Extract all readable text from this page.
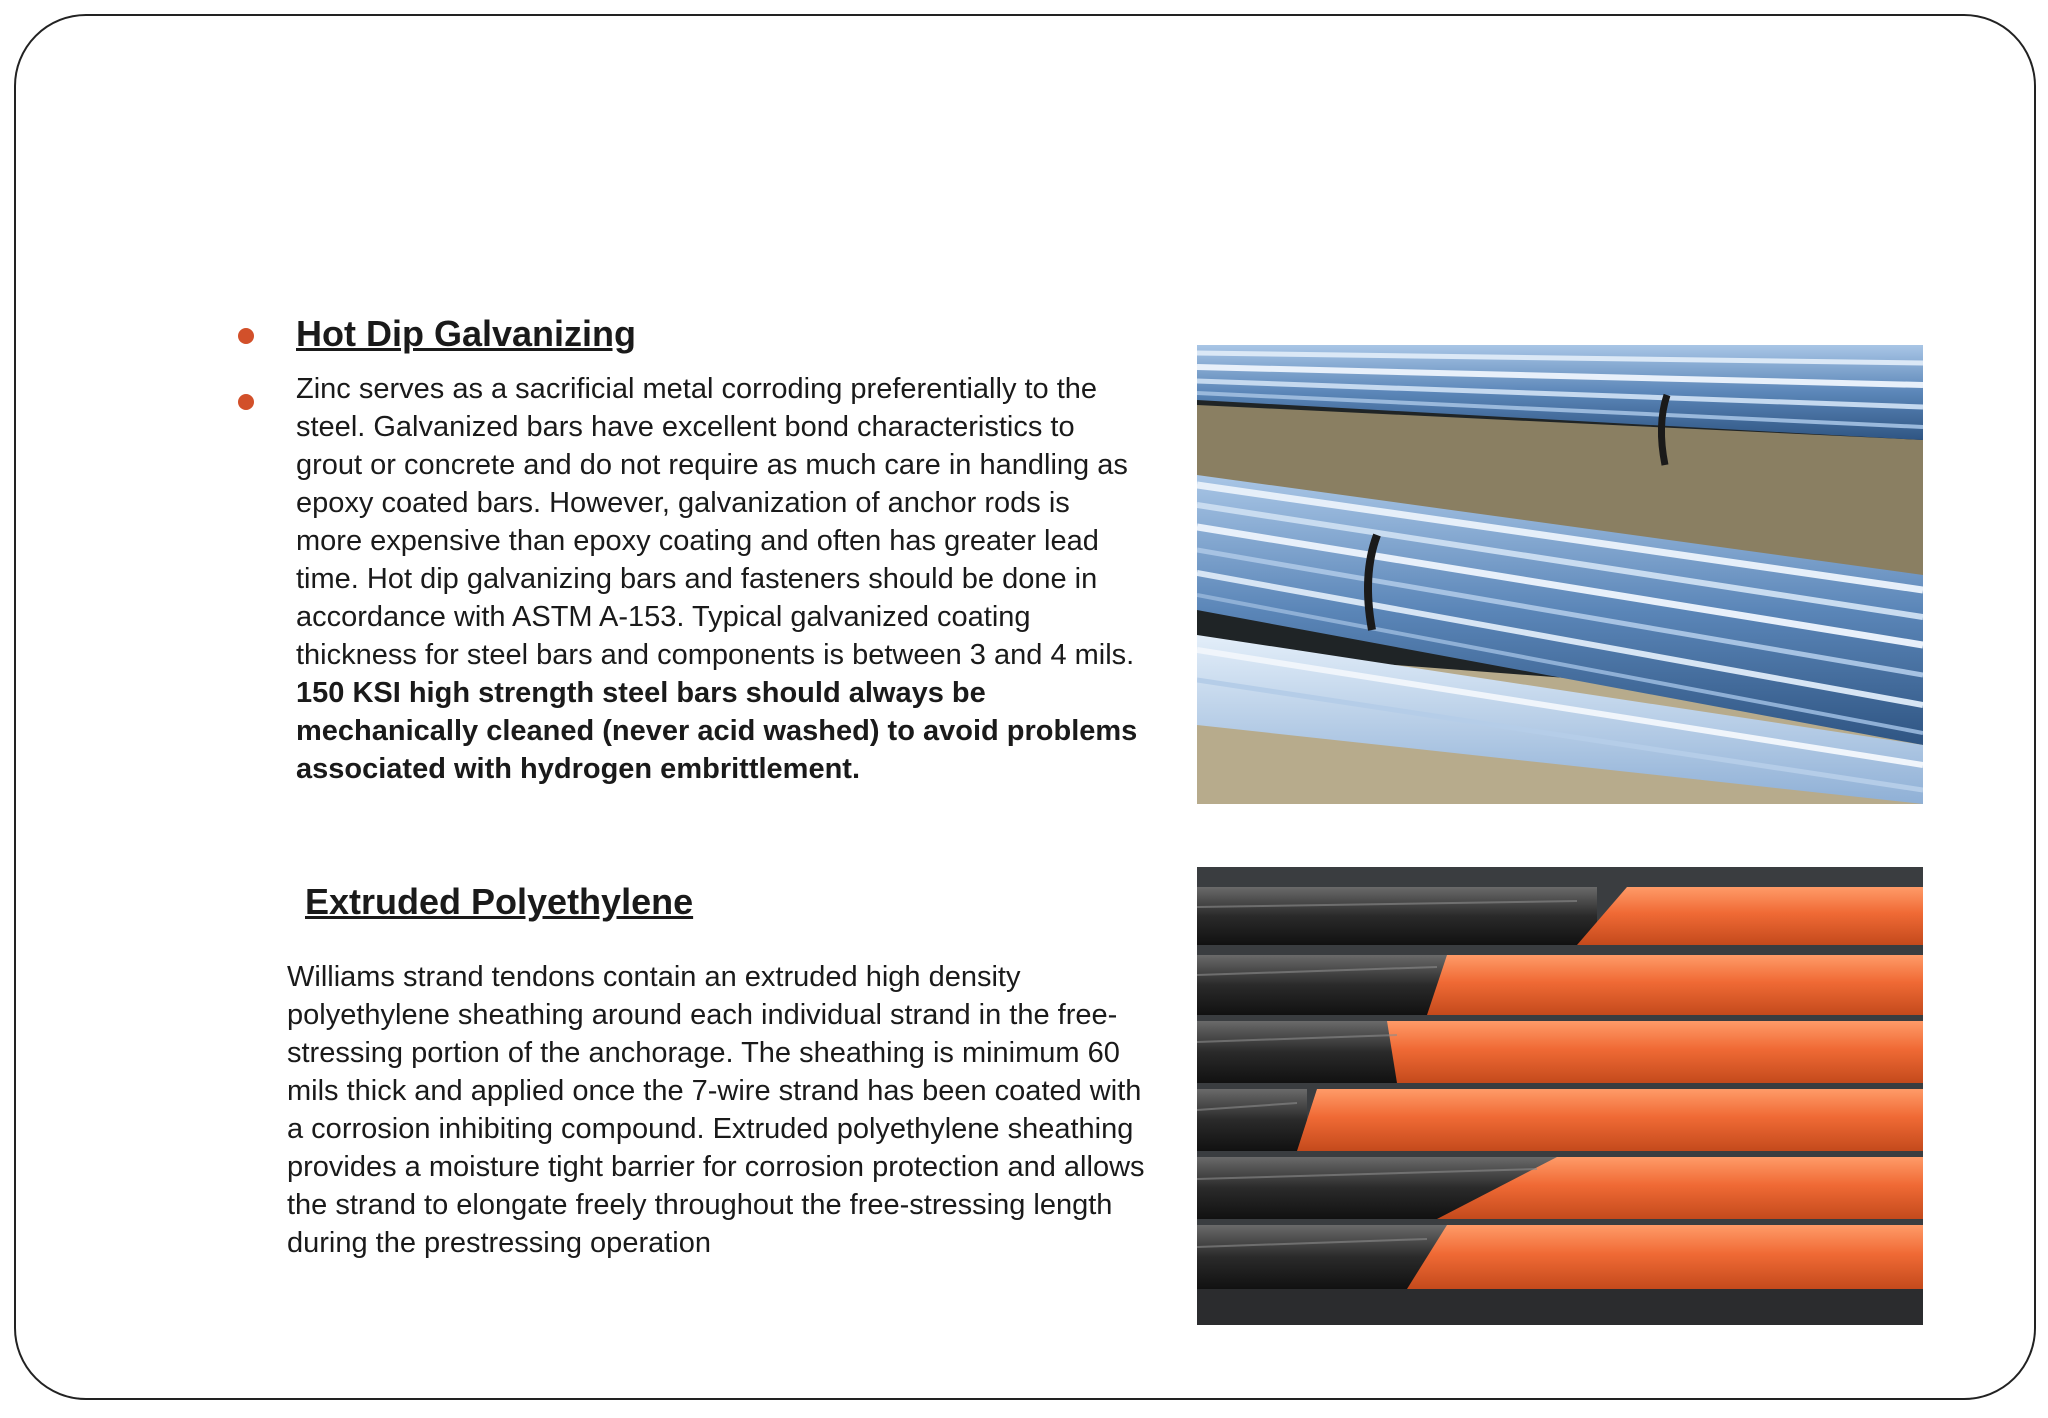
Hot Dip Galvanizing

Zinc serves as a sacrificial metal corroding preferentially to the steel. Galvanized bars have excellent bond characteristics to grout or concrete and do not require as much care in handling as epoxy coated bars. However, galvanization of anchor rods is more expensive than epoxy coating and often has greater lead time. Hot dip galvanizing bars and fasteners should be done in accordance with ASTM A-153. Typical galvanized coating thickness for steel bars and components is between 3 and 4 mils. 150 KSI high strength steel bars should always be mechanically cleaned (never acid washed) to avoid problems associated with hydrogen embrittlement.

Extruded Polyethylene
Williams strand tendons contain an extruded high density polyethylene sheathing around each individual strand in the free-stressing portion of the anchorage. The sheathing is minimum 60 mils thick and applied once the 7-wire strand has been coated with a corrosion inhibiting compound. Extruded polyethylene sheathing provides a moisture tight barrier for corrosion protection and allows the strand to elongate freely throughout the free-stressing length during the prestressing operation
